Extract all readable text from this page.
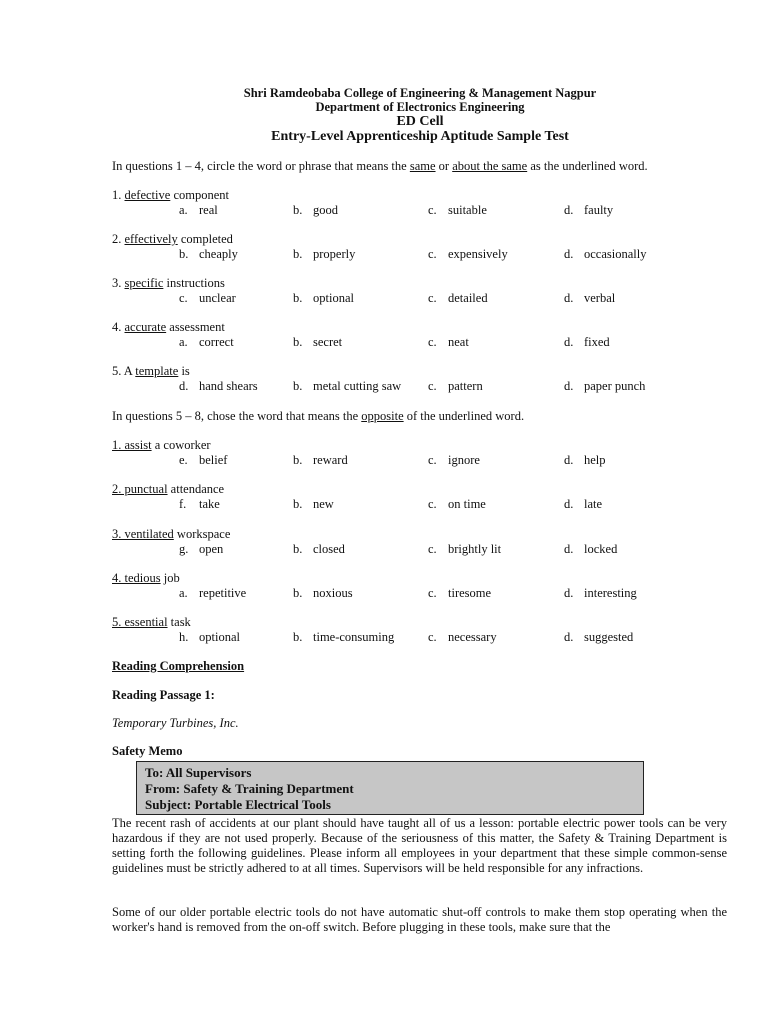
Shri Ramdeobaba College of Engineering & Management Nagpur
Department of Electronics Engineering
ED Cell
Entry-Level Apprenticeship Aptitude Sample Test
In questions 1 – 4, circle the word or phrase that means the same or about the same as the underlined word.
1. defective component
a. real	b. good	c. suitable	d. faulty
2. effectively completed
b. cheaply	b. properly	c. expensively	d. occasionally
3. specific instructions
c. unclear	b. optional	c. detailed	d. verbal
4. accurate assessment
a. correct	b. secret	c. neat	d. fixed
5. A template is
d. hand shears	b. metal cutting saw c. pattern	d. paper punch
In questions 5 – 8, chose the word that means the opposite of the underlined word.
1. assist a coworker
e. belief	b. reward	c. ignore	d. help
2. punctual attendance
f. take	b. new	c. on time	d. late
3. ventilated workspace
g. open	b. closed	c. brightly lit	d. locked
4. tedious job
a. repetitive	b. noxious	c. tiresome	d. interesting
5. essential task
h. optional	b. time-consuming	c. necessary	d. suggested
Reading Comprehension
Reading Passage 1:
Temporary Turbines, Inc.
Safety Memo
To: All Supervisors
From: Safety & Training Department
Subject: Portable Electrical Tools
The recent rash of accidents at our plant should have taught all of us a lesson: portable electric power tools can be very hazardous if they are not used properly. Because of the seriousness of this matter, the Safety & Training Department is setting forth the following guidelines. Please inform all employees in your department that these simple common-sense guidelines must be strictly adhered to at all times. Supervisors will be held responsible for any infractions.
Some of our older portable electric tools do not have automatic shut-off controls to make them stop operating when the worker's hand is removed from the on-off switch. Before plugging in these tools, make sure that the
